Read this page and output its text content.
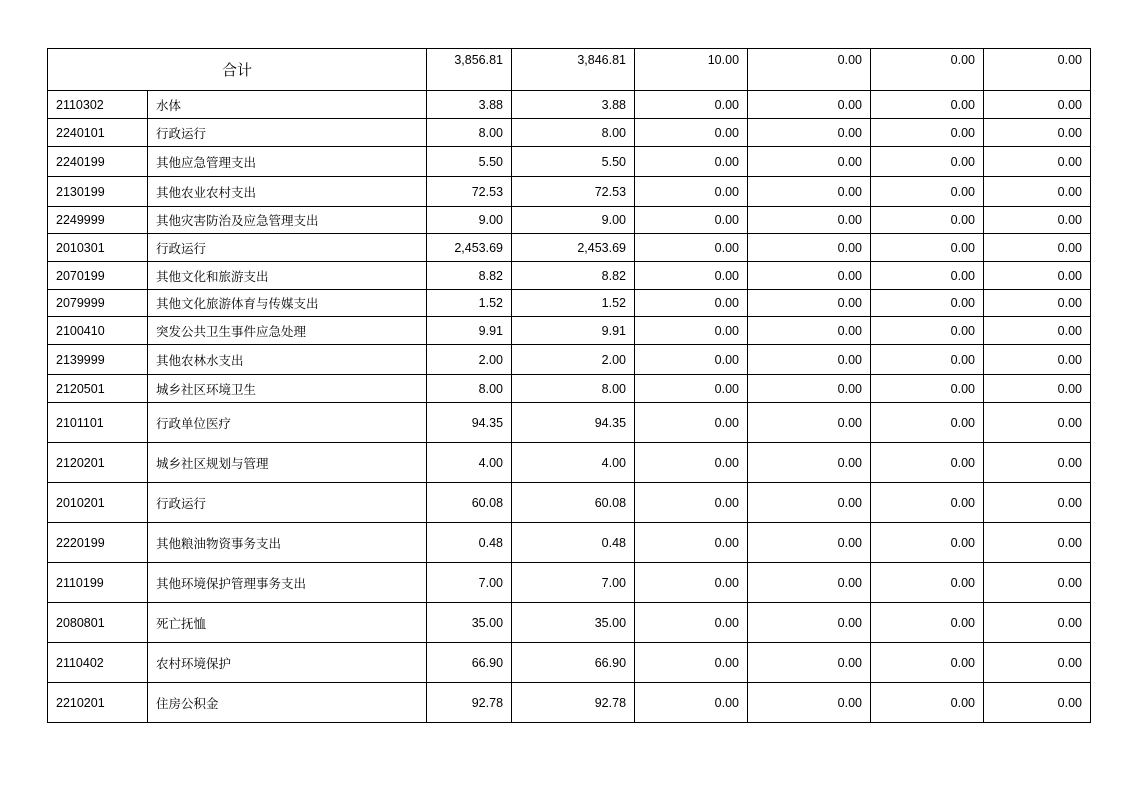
合计		3,856.81	3,846.81	10.00	0.00	0.00	0.00
2110302	水体	3.88	3.88	0.00	0.00	0.00	0.00
2240101	行政运行	8.00	8.00	0.00	0.00	0.00	0.00
2240199	其他应急管理支出	5.50	5.50	0.00	0.00	0.00	0.00
2130199	其他农业农村支出	72.53	72.53	0.00	0.00	0.00	0.00
2249999	其他灾害防治及应急管理支出	9.00	9.00	0.00	0.00	0.00	0.00
2010301	行政运行	2,453.69	2,453.69	0.00	0.00	0.00	0.00
2070199	其他文化和旅游支出	8.82	8.82	0.00	0.00	0.00	0.00
2079999	其他文化旅游体育与传媒支出	1.52	1.52	0.00	0.00	0.00	0.00
2100410	突发公共卫生事件应急处理	9.91	9.91	0.00	0.00	0.00	0.00
2139999	其他农林水支出	2.00	2.00	0.00	0.00	0.00	0.00
2120501	城乡社区环境卫生	8.00	8.00	0.00	0.00	0.00	0.00
2101101	行政单位医疗	94.35	94.35	0.00	0.00	0.00	0.00
2120201	城乡社区规划与管理	4.00	4.00	0.00	0.00	0.00	0.00
2010201	行政运行	60.08	60.08	0.00	0.00	0.00	0.00
2220199	其他粮油物资事务支出	0.48	0.48	0.00	0.00	0.00	0.00
2110199	其他环境保护管理事务支出	7.00	7.00	0.00	0.00	0.00	0.00
2080801	死亡抚恤	35.00	35.00	0.00	0.00	0.00	0.00
2110402	农村环境保护	66.90	66.90	0.00	0.00	0.00	0.00
2210201	住房公积金	92.78	92.78	0.00	0.00	0.00	0.00
